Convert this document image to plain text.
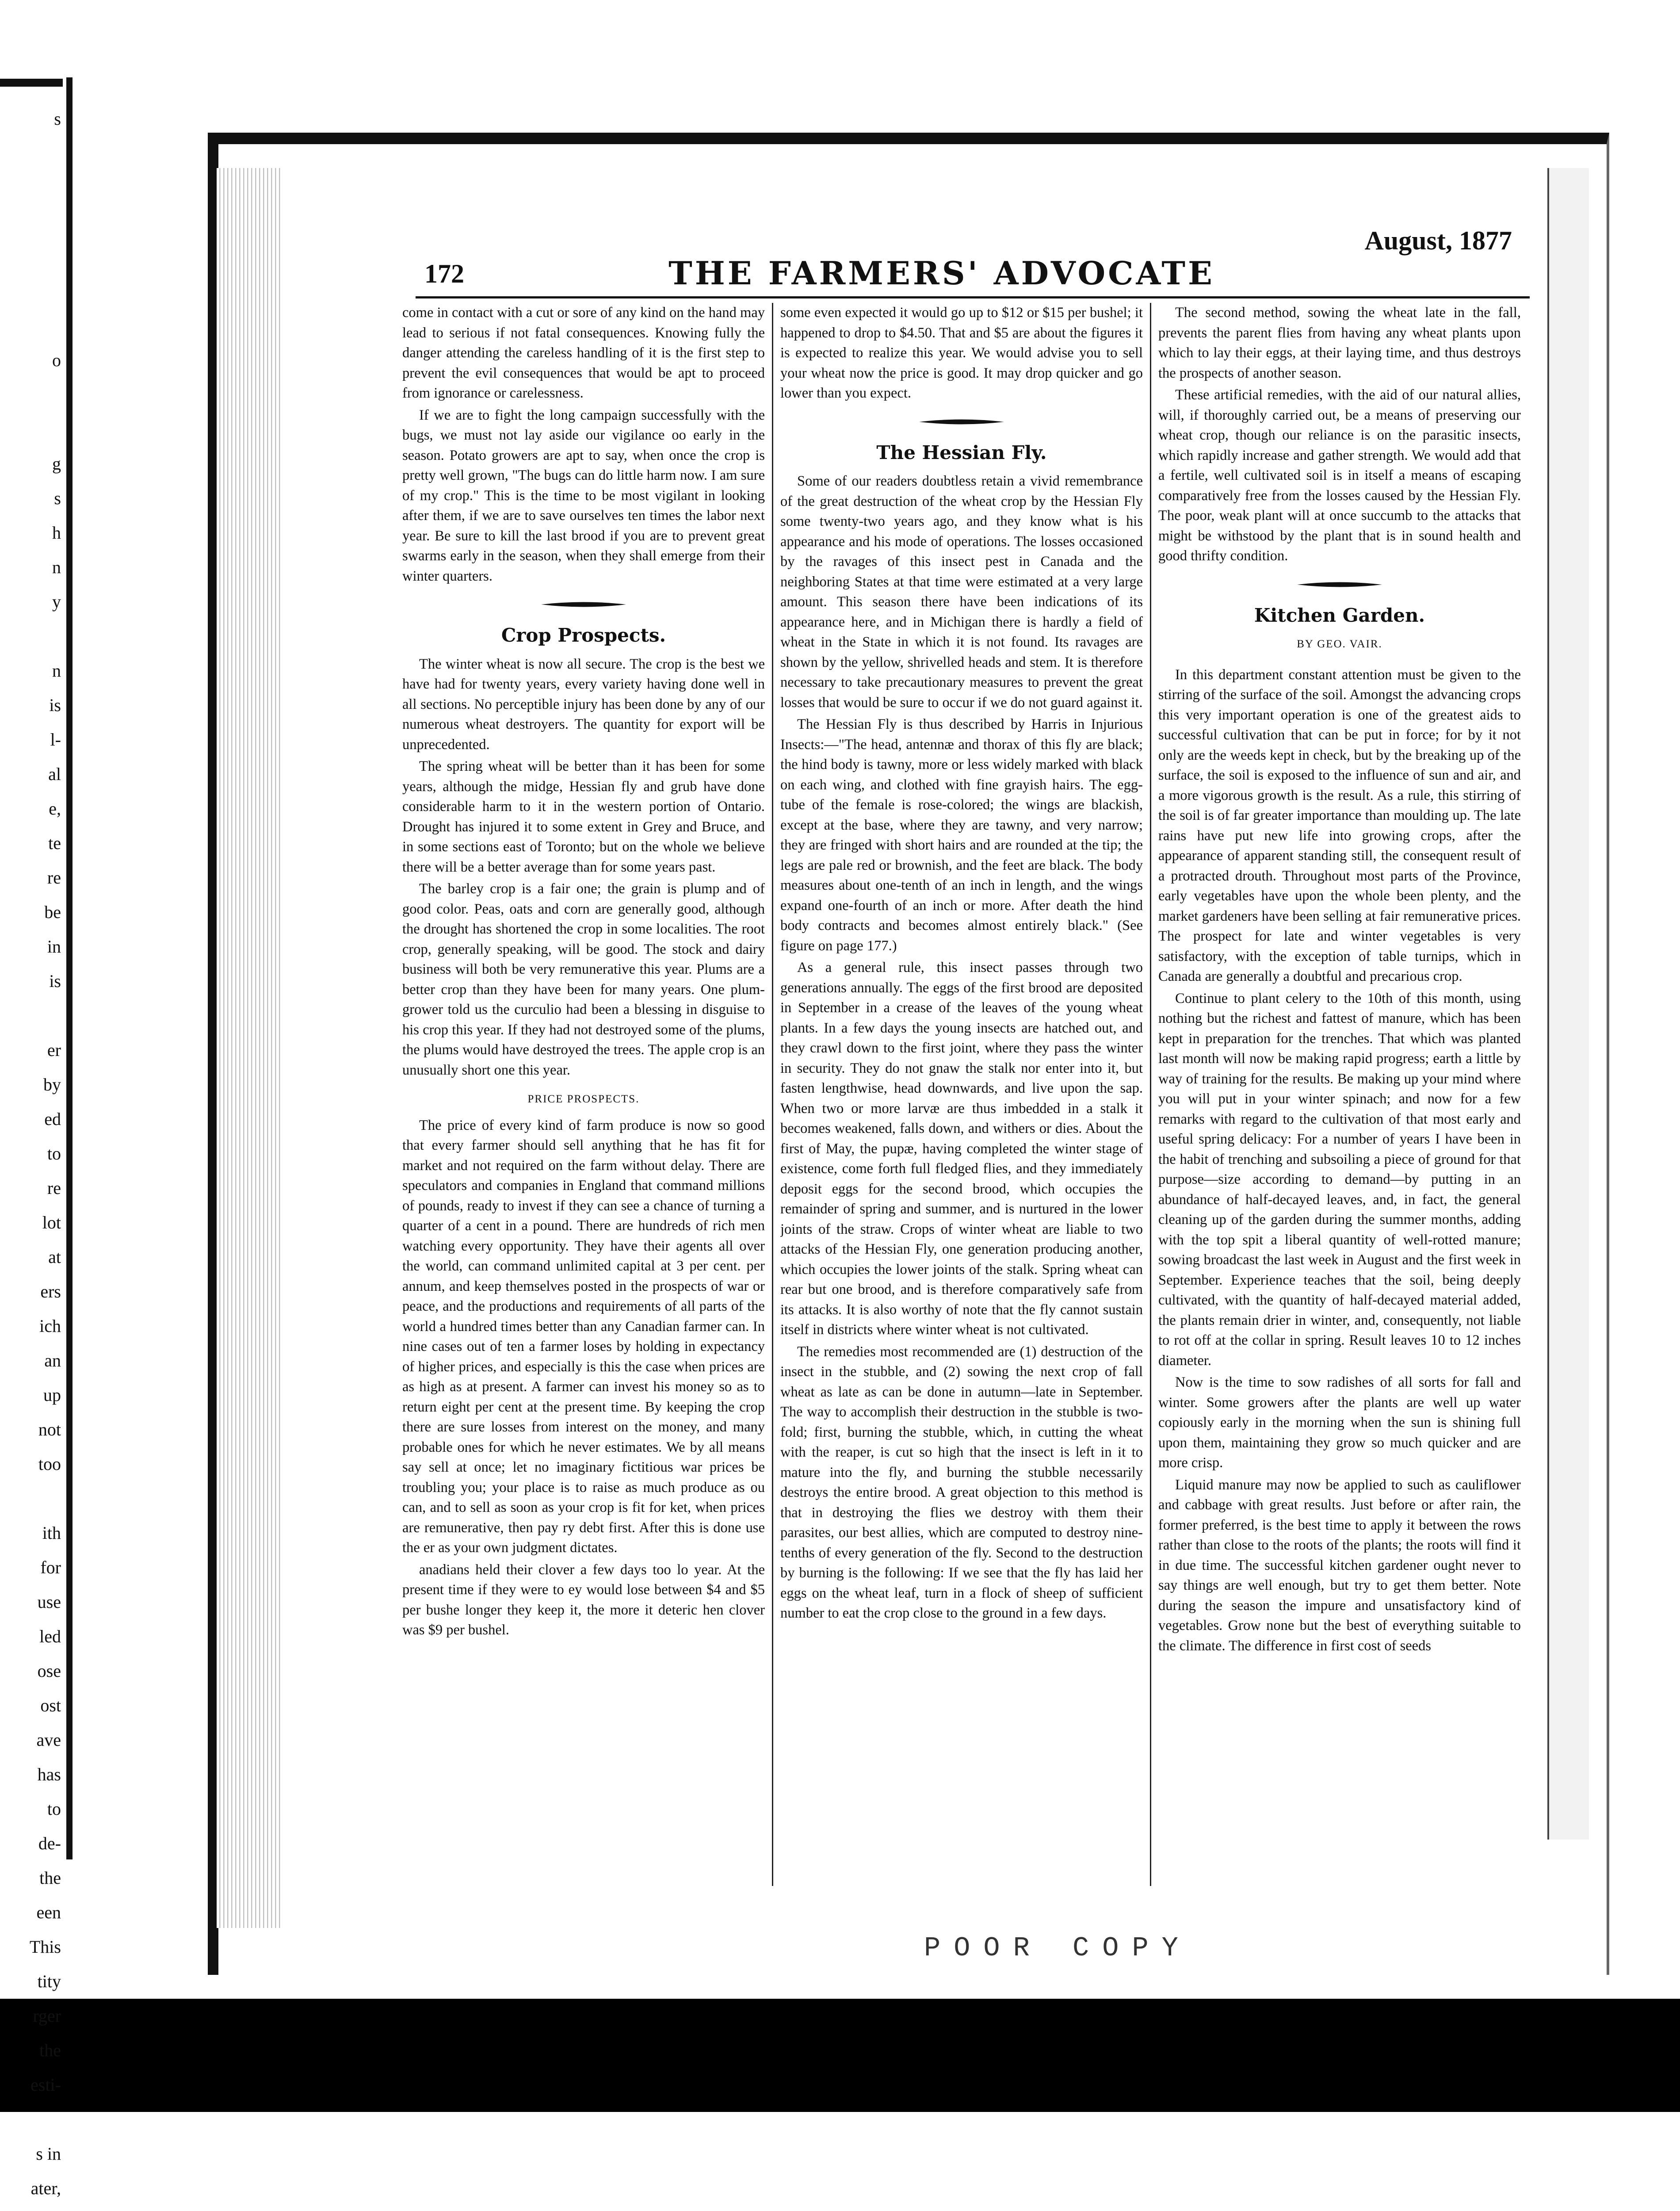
s
o
g
s
h
n
y
n
is
l-
al
e,
te
re
be
in
is
er
by
ed
to
re
lot
at
ers
ich
an
up
not
too
ith
for
use
led
ose
ost
ave
has
to
de-
the
een
This
tity
rger
the
esti-
s in
ater,
172	THE FARMERS' ADVOCATE
August, 1877

come in contact with a cut or sore of any kind on the hand may lead to serious if not fatal consequences. Knowing fully the danger attending the careless handling of it is the first step to prevent the evil consequences that would be apt to proceed from ignorance or carelessness.

If we are to fight the long campaign successfully with the bugs, we must not lay aside our vigilance oo early in the season. Potato growers are apt to say, when once the crop is pretty well grown, "The bugs can do little harm now. I am sure of my crop." This is the time to be most vigilant in looking after them, if we are to save ourselves ten times the labor next year. Be sure to kill the last brood if you are to prevent great swarms early in the season, when they shall emerge from their winter quarters.

Crop Prospects.

The winter wheat is now all secure. The crop is the best we have had for twenty years, every variety having done well in all sections. No perceptible injury has been done by any of our numerous wheat destroyers. The quantity for export will be unprecedented.

The spring wheat will be better than it has been for some years, although the midge, Hessian fly and grub have done considerable harm to it in the western portion of Ontario. Drought has injured it to some extent in Grey and Bruce, and in some sections east of Toronto; but on the whole we believe there will be a better average than for some years past.

The barley crop is a fair one; the grain is plump and of good color. Peas, oats and corn are generally good, although the drought has shortened the crop in some localities. The root crop, generally speaking, will be good. The stock and dairy business will both be very remunerative this year. Plums are a better crop than they have been for many years. One plum-grower told us the curculio had been a blessing in disguise to his crop this year. If they had not destroyed some of the plums, the plums would have destroyed the trees. The apple crop is an unusually short one this year.

PRICE PROSPECTS.

The price of every kind of farm produce is now so good that every farmer should sell anything that he has fit for market and not required on the farm without delay. There are speculators and companies in England that command millions of pounds, ready to invest if they can see a chance of turning a quarter of a cent in a pound. There are hundreds of rich men watching every opportunity. They have their agents all over the world, can command unlimited capital at 3 per cent. per annum, and keep themselves posted in the prospects of war or peace, and the productions and requirements of all parts of the world a hundred times better than any Canadian farmer can. In nine cases out of ten a farmer loses by holding in expectancy of higher prices, and especially is this the case when prices are as high as at present. A farmer can invest his money so as to return eight per cent at the present time. By keeping the crop there are sure losses from interest on the money, and many probable ones for which he never estimates. We by all means say sell at once; let no imaginary fictitious war prices be troubling you; your place is to raise as much produce as ou can, and to sell as soon as your crop is fit for ket, when prices are remunerative, then pay ry debt first. After this is done use the er as your own judgment dictates.

anadians held their clover a few days too lo year. At the present time if they were to ey would lose between $4 and $5 per bushe longer they keep it, the more it deteric hen clover was $9 per bushel.

some even expected it would go up to $12 or $15 per bushel; it happened to drop to $4.50. That and $5 are about the figures it is expected to realize this year. We would advise you to sell your wheat now the price is good. It may drop quicker and go lower than you expect.

The Hessian Fly.

Some of our readers doubtless retain a vivid remembrance of the great destruction of the wheat crop by the Hessian Fly some twenty-two years ago, and they know what is his appearance and his mode of operations. The losses occasioned by the ravages of this insect pest in Canada and the neighboring States at that time were estimated at a very large amount. This season there have been indications of its appearance here, and in Michigan there is hardly a field of wheat in the State in which it is not found. Its ravages are shown by the yellow, shrivelled heads and stem. It is therefore necessary to take precautionary measures to prevent the great losses that would be sure to occur if we do not guard against it.

The Hessian Fly is thus described by Harris in Injurious Insects:—"The head, antennæ and thorax of this fly are black; the hind body is tawny, more or less widely marked with black on each wing, and clothed with fine grayish hairs. The egg-tube of the female is rose-colored; the wings are blackish, except at the base, where they are tawny, and very narrow; they are fringed with short hairs and are rounded at the tip; the legs are pale red or brownish, and the feet are black. The body measures about one-tenth of an inch in length, and the wings expand one-fourth of an inch or more. After death the hind body contracts and becomes almost entirely black." (See figure on page 177.)

As a general rule, this insect passes through two generations annually. The eggs of the first brood are deposited in September in a crease of the leaves of the young wheat plants. In a few days the young insects are hatched out, and they crawl down to the first joint, where they pass the winter in security. They do not gnaw the stalk nor enter into it, but fasten lengthwise, head downwards, and live upon the sap. When two or more larvæ are thus imbedded in a stalk it becomes weakened, falls down, and withers or dies. About the first of May, the pupæ, having completed the winter stage of existence, come forth full fledged flies, and they immediately deposit eggs for the second brood, which occupies the remainder of spring and summer, and is nurtured in the lower joints of the straw. Crops of winter wheat are liable to two attacks of the Hessian Fly, one generation producing another, which occupies the lower joints of the stalk. Spring wheat can rear but one brood, and is therefore comparatively safe from its attacks. It is also worthy of note that the fly cannot sustain itself in districts where winter wheat is not cultivated.

The remedies most recommended are (1) destruction of the insect in the stubble, and (2) sowing the next crop of fall wheat as late as can be done in autumn—late in September. The way to accomplish their destruction in the stubble is two-fold; first, burning the stubble, which, in cutting the wheat with the reaper, is cut so high that the insect is left in it to mature into the fly, and burning the stubble necessarily destroys the entire brood. A great objection to this method is that in destroying the flies we destroy with them their parasites, our best allies, which are computed to destroy nine-tenths of every generation of the fly. Second to the destruction by burning is the following: If we see that the fly has laid her eggs on the wheat leaf, turn in a flock of sheep of sufficient number to eat the crop close to the ground in a few days.

The second method, sowing the wheat late in the fall, prevents the parent flies from having any wheat plants upon which to lay their eggs, at their laying time, and thus destroys the prospects of another season.

These artificial remedies, with the aid of our natural allies, will, if thoroughly carried out, be a means of preserving our wheat crop, though our reliance is on the parasitic insects, which rapidly increase and gather strength. We would add that a fertile, well cultivated soil is in itself a means of escaping comparatively free from the losses caused by the Hessian Fly. The poor, weak plant will at once succumb to the attacks that might be withstood by the plant that is in sound health and good thrifty condition.

Kitchen Garden.
BY GEO. VAIR.

In this department constant attention must be given to the stirring of the surface of the soil. Amongst the advancing crops this very important operation is one of the greatest aids to successful cultivation that can be put in force; for by it not only are the weeds kept in check, but by the breaking up of the surface, the soil is exposed to the influence of sun and air, and a more vigorous growth is the result. As a rule, this stirring of the soil is of far greater importance than moulding up. The late rains have put new life into growing crops, after the appearance of apparent standing still, the consequent result of a protracted drouth. Throughout most parts of the Province, early vegetables have upon the whole been plenty, and the market gardeners have been selling at fair remunerative prices. The prospect for late and winter vegetables is very satisfactory, with the exception of table turnips, which in Canada are generally a doubtful and precarious crop.

Continue to plant celery to the 10th of this month, using nothing but the richest and fattest of manure, which has been kept in preparation for the trenches. That which was planted last month will now be making rapid progress; earth a little by way of training for the results. Be making up your mind where you will put in your winter spinach; and now for a few remarks with regard to the cultivation of that most early and useful spring delicacy: For a number of years I have been in the habit of trenching and subsoiling a piece of ground for that purpose—size according to demand—by putting in an abundance of half-decayed leaves, and, in fact, the general cleaning up of the garden during the summer months, adding with the top spit a liberal quantity of well-rotted manure; sowing broadcast the last week in August and the first week in September. Experience teaches that the soil, being deeply cultivated, with the quantity of half-decayed material added, the plants remain drier in winter, and, consequently, not liable to rot off at the collar in spring. Result leaves 10 to 12 inches diameter.

Now is the time to sow radishes of all sorts for fall and winter. Some growers after the plants are well up water copiously early in the morning when the sun is shining full upon them, maintaining they grow so much quicker and are more crisp.

Liquid manure may now be applied to such as cauliflower and cabbage with great results. Just before or after rain, the former preferred, is the best time to apply it between the rows rather than close to the roots of the plants; the roots will find it in due time. The successful kitchen gardener ought never to say things are well enough, but try to get them better. Note during the season the impure and unsatisfactory kind of vegetables. Grow none but the best of everything suitable to the climate. The difference in first cost of seeds

POOR COPY
